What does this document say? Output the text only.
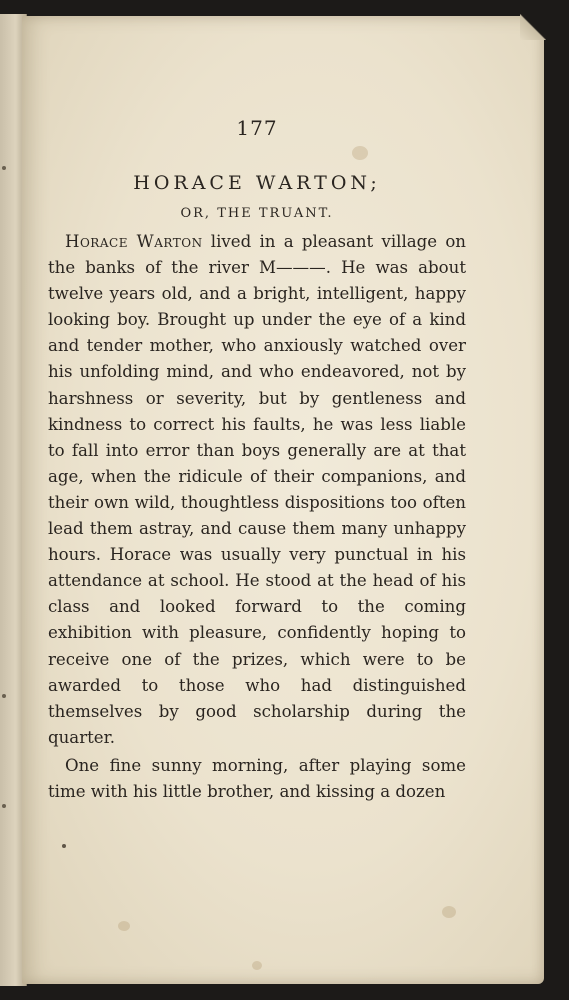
177
HORACE WARTON;
OR, THE TRUANT.

Horace Warton lived in a pleasant village on the banks of the river M———. He was about twelve years old, and a bright, intelligent, happy looking boy. Brought up under the eye of a kind and tender mother, who anxiously watched over his unfolding mind, and who endeavored, not by harshness or severity, but by gentleness and kindness to correct his faults, he was less liable to fall into error than boys generally are at that age, when the ridicule of their companions, and their own wild, thoughtless dispositions too often lead them astray, and cause them many unhappy hours. Horace was usually very punctual in his attendance at school. He stood at the head of his class and looked forward to the coming exhibition with pleasure, confidently hoping to receive one of the prizes, which were to be awarded to those who had distinguished themselves by good scholarship during the quarter.

One fine sunny morning, after playing some time with his little brother, and kissing a dozen
